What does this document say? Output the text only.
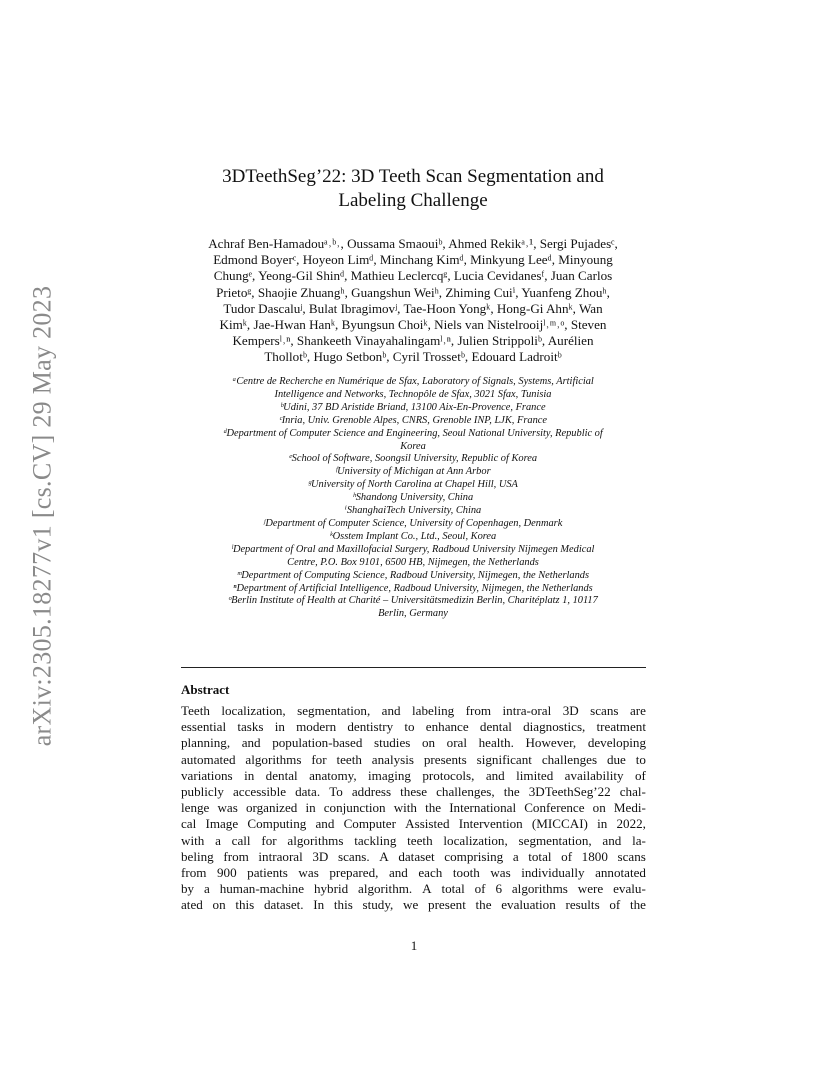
arXiv:2305.18277v1 [cs.CV] 29 May 2023
3DTeethSeg’22: 3D Teeth Scan Segmentation and
Labeling Challenge
Achraf Ben-Hamadouᵃ˒ᵇ˒, Oussama Smaouiᵇ, Ahmed Rekikᵃ˒¹, Sergi Pujadesᶜ,
Edmond Boyerᶜ, Hoyeon Limᵈ, Minchang Kimᵈ, Minkyung Leeᵈ, Minyoung
Chungᵉ, Yeong-Gil Shinᵈ, Mathieu Leclercqᵍ, Lucia Cevidanesᶠ, Juan Carlos
Prietoᵍ, Shaojie Zhuangʰ, Guangshun Weiʰ, Zhiming Cuiⁱ, Yuanfeng Zhouʰ,
Tudor Dascaluʲ, Bulat Ibragimovʲ, Tae-Hoon Yongᵏ, Hong-Gi Ahnᵏ, Wan
Kimᵏ, Jae-Hwan Hanᵏ, Byungsun Choiᵏ, Niels van Nistelrooijˡ˒ᵐ˒ᵒ, Steven
Kempersˡ˒ⁿ, Shankeeth Vinayahalingamˡ˒ⁿ, Julien Strippoliᵇ, Aurélien
Thollotᵇ, Hugo Setbonᵇ, Cyril Trossetᵇ, Edouard Ladroitᵇ
ᵃCentre de Recherche en Numérique de Sfax, Laboratory of Signals, Systems, Artificial
Intelligence and Networks, Technopôle de Sfax, 3021 Sfax, Tunisia
ᵇUdini, 37 BD Aristide Briand, 13100 Aix-En-Provence, France
ᶜInria, Univ. Grenoble Alpes, CNRS, Grenoble INP, LJK, France
ᵈDepartment of Computer Science and Engineering, Seoul National University, Republic of
Korea
ᵉSchool of Software, Soongsil University, Republic of Korea
ᶠUniversity of Michigan at Ann Arbor
ᵍUniversity of North Carolina at Chapel Hill, USA
ʰShandong University, China
ⁱShanghaiTech University, China
ʲDepartment of Computer Science, University of Copenhagen, Denmark
ᵏOsstem Implant Co., Ltd., Seoul, Korea
ˡDepartment of Oral and Maxillofacial Surgery, Radboud University Nijmegen Medical
Centre, P.O. Box 9101, 6500 HB, Nijmegen, the Netherlands
ᵐDepartment of Computing Science, Radboud University, Nijmegen, the Netherlands
ⁿDepartment of Artificial Intelligence, Radboud University, Nijmegen, the Netherlands
ᵒBerlin Institute of Health at Charité – Universitätsmedizin Berlin, Charitéplatz 1, 10117
Berlin, Germany
Abstract
Teeth localization, segmentation, and labeling from intra-oral 3D scans are
essential tasks in modern dentistry to enhance dental diagnostics, treatment
planning, and population-based studies on oral health. However, developing
automated algorithms for teeth analysis presents significant challenges due to
variations in dental anatomy, imaging protocols, and limited availability of
publicly accessible data. To address these challenges, the 3DTeethSeg’22 chal-
lenge was organized in conjunction with the International Conference on Medi-
cal Image Computing and Computer Assisted Intervention (MICCAI) in 2022,
with a call for algorithms tackling teeth localization, segmentation, and la-
beling from intraoral 3D scans. A dataset comprising a total of 1800 scans
from 900 patients was prepared, and each tooth was individually annotated
by a human-machine hybrid algorithm. A total of 6 algorithms were evalu-
ated on this dataset. In this study, we present the evaluation results of the
1
